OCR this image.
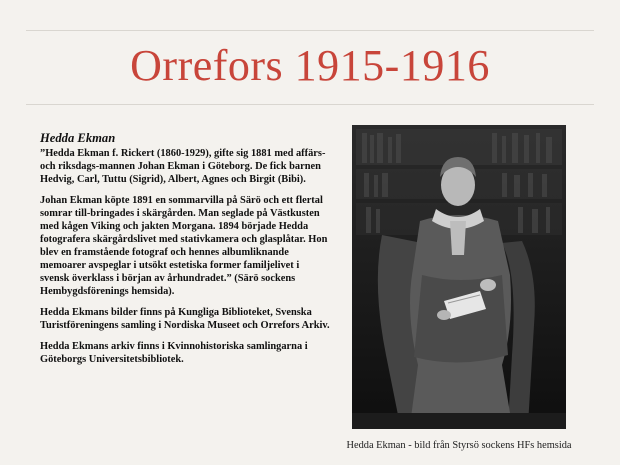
Orrefors 1915-1916
Hedda Ekman

”Hedda Ekman f. Rickert (1860-1929), gifte sig 1881 med affärs- och riksdags-mannen Johan Ekman i Göteborg. De fick barnen Hedvig, Carl, Tuttu (Sigrid), Albert, Agnes och Birgit (Bibi).

Johan Ekman köpte 1891 en sommarvilla på Särö och ett flertal somrar till-bringades i skärgården. Man seglade på Västkusten med kågen Viking och jakten Morgana. 1894 började Hedda fotografera skärgårdslivet med stativkamera och glasplåtar. Hon blev en framstående fotograf och hennes albumliknande memoarer avspeglar i utsökt estetiska former familjelivet i svensk överklass i början av århundradet.” (Särö sockens Hembygdsförenings hemsida).

Hedda Ekmans bilder finns på Kungliga Biblioteket, Svenska Turistföreningens samling i Nordiska Museet och Orrefors Arkiv.

Hedda Ekmans arkiv finns i Kvinnohistoriska samlingarna i Göteborgs Universitetsbibliotek.

Hedda Ekman - bild från Styrsö sockens HFs hemsida
